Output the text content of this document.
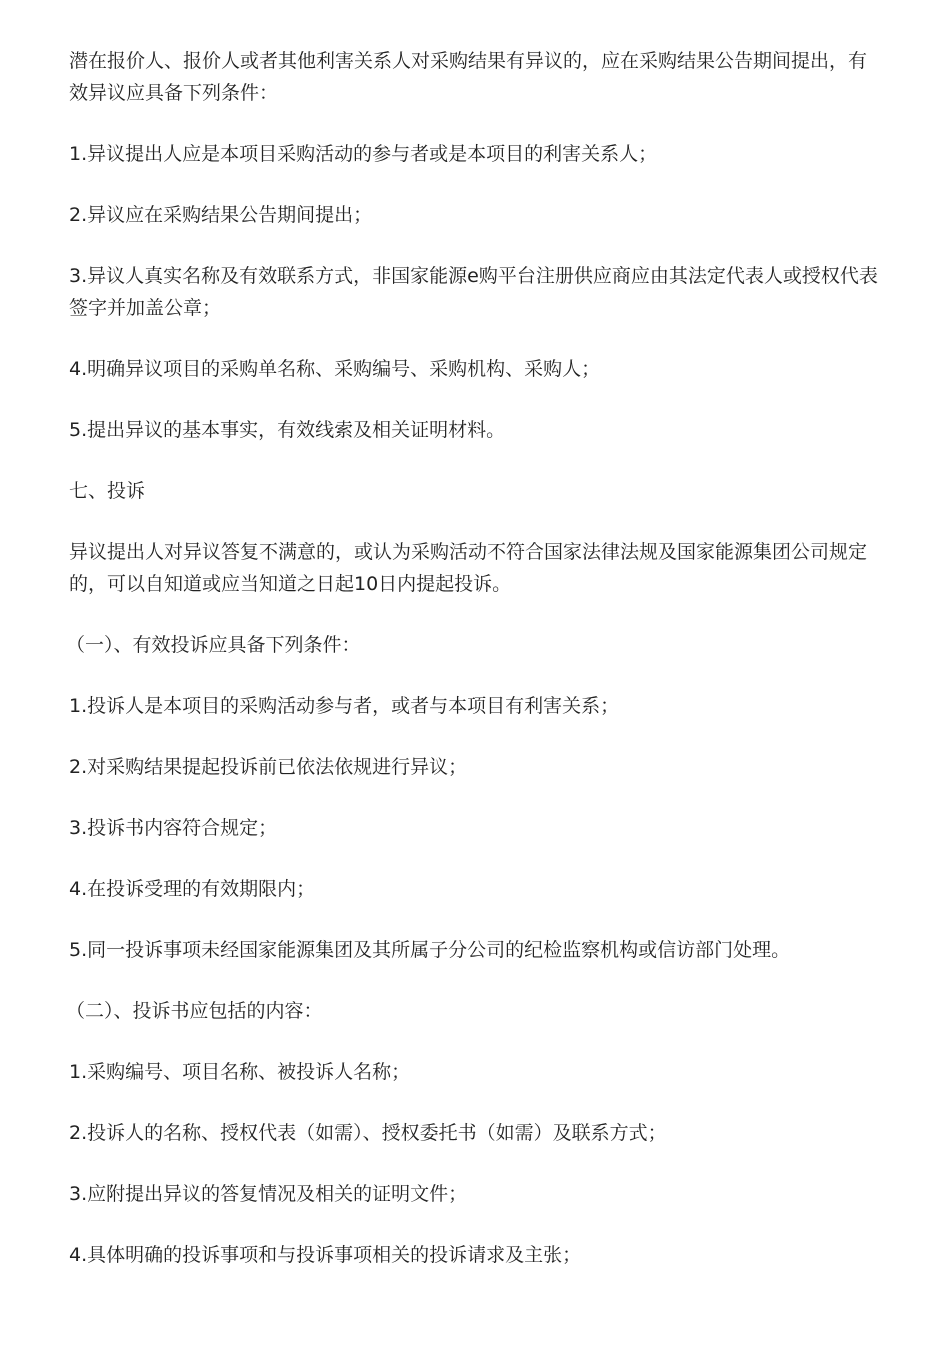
潜在报价人、报价人或者其他利害关系人对采购结果有异议的，应在采购结果公告期间提出，有效异议应具备下列条件：

1.异议提出人应是本项目采购活动的参与者或是本项目的利害关系人；

2.异议应在采购结果公告期间提出；

3.异议人真实名称及有效联系方式，非国家能源e购平台注册供应商应由其法定代表人或授权代表签字并加盖公章；

4.明确异议项目的采购单名称、采购编号、采购机构、采购人；

5.提出异议的基本事实，有效线索及相关证明材料。

七、投诉

异议提出人对异议答复不满意的，或认为采购活动不符合国家法律法规及国家能源集团公司规定的，可以自知道或应当知道之日起10日内提起投诉。

（一）、有效投诉应具备下列条件：

1.投诉人是本项目的采购活动参与者，或者与本项目有利害关系；

2.对采购结果提起投诉前已依法依规进行异议；

3.投诉书内容符合规定；

4.在投诉受理的有效期限内；

5.同一投诉事项未经国家能源集团及其所属子分公司的纪检监察机构或信访部门处理。

（二）、投诉书应包括的内容：

1.采购编号、项目名称、被投诉人名称；

2.投诉人的名称、授权代表（如需）、授权委托书（如需）及联系方式；

3.应附提出异议的答复情况及相关的证明文件；

4.具体明确的投诉事项和与投诉事项相关的投诉请求及主张；
